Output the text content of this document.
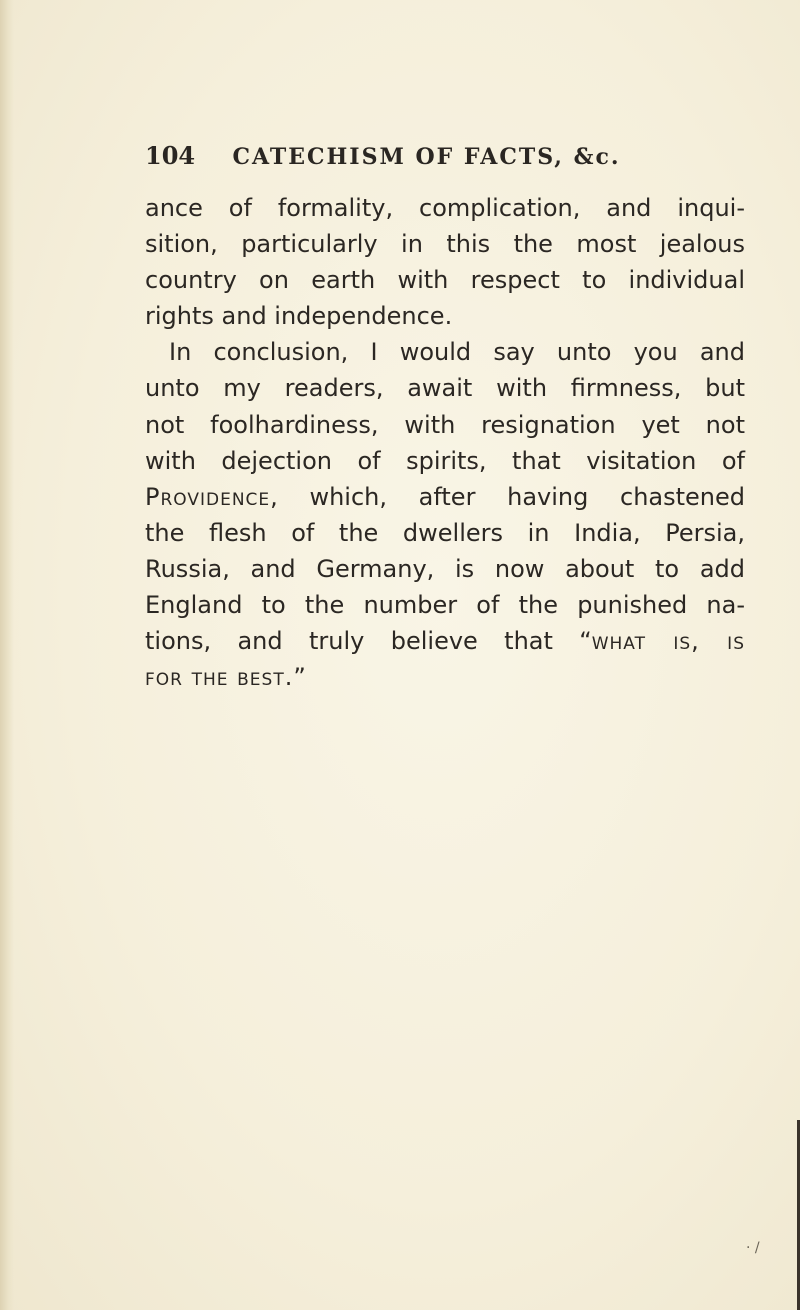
104 CATECHISM OF FACTS, &c.
ance of formality, complication, and inqui-
sition, particularly in this the most jealous
country on earth with respect to individual
rights and independence.
In conclusion, I would say unto you and
unto my readers, await with firmness, but
not foolhardiness, with resignation yet not
with dejection of spirits, that visitation of
Providence, which, after having chastened
the flesh of the dwellers in India, Persia,
Russia, and Germany, is now about to add
England to the number of the punished na-
tions, and truly believe that “what is, is
for the best.”
· /
